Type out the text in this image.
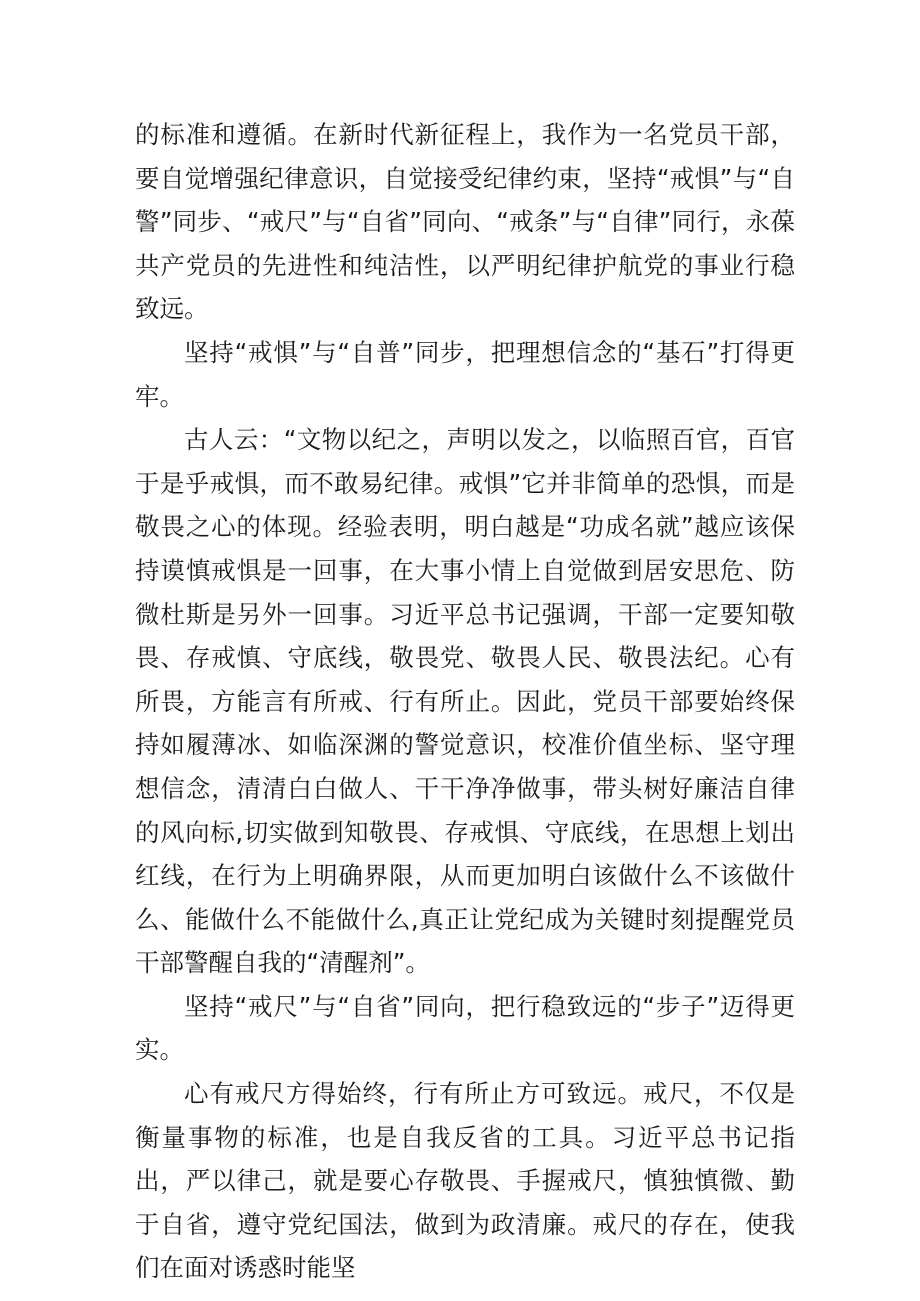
的标准和遵循。在新时代新征程上，我作为一名党员干部，要自觉增强纪律意识，自觉接受纪律约束，坚持“戒惧”与“自警”同步、“戒尺”与“自省”同向、“戒条”与“自律”同行，永葆共产党员的先进性和纯洁性，以严明纪律护航党的事业行稳致远。

坚持“戒惧”与“自普”同步，把理想信念的“基石”打得更牢。

古人云：“文物以纪之，声明以发之，以临照百官，百官于是乎戒惧，而不敢易纪律。戒惧”它并非简单的恐惧，而是敬畏之心的体现。经验表明，明白越是“功成名就”越应该保持谟慎戒惧是一回事，在大事小情上自觉做到居安思危、防微杜斯是另外一回事。习近平总书记强调，干部一定要知敬畏、存戒慎、守底线，敬畏党、敬畏人民、敬畏法纪。心有所畏，方能言有所戒、行有所止。因此，党员干部要始终保持如履薄冰、如临深渊的警觉意识，校准价值坐标、坚守理想信念，清清白白做人、干干净净做事，带头树好廉洁自律的风向标,切实做到知敬畏、存戒惧、守底线，在思想上划出红线，在行为上明确界限，从而更加明白该做什么不该做什么、能做什么不能做什么,真正让党纪成为关键时刻提醒党员干部警醒自我的“清醒剂”。

坚持“戒尺”与“自省”同向，把行稳致远的“步子”迈得更实。

心有戒尺方得始终，行有所止方可致远。戒尺，不仅是衡量事物的标准，也是自我反省的工具。习近平总书记指出，严以律己，就是要心存敬畏、手握戒尺，慎独慎微、勤于自省，遵守党纪国法，做到为政清廉。戒尺的存在，使我们在面对诱惑时能坚
